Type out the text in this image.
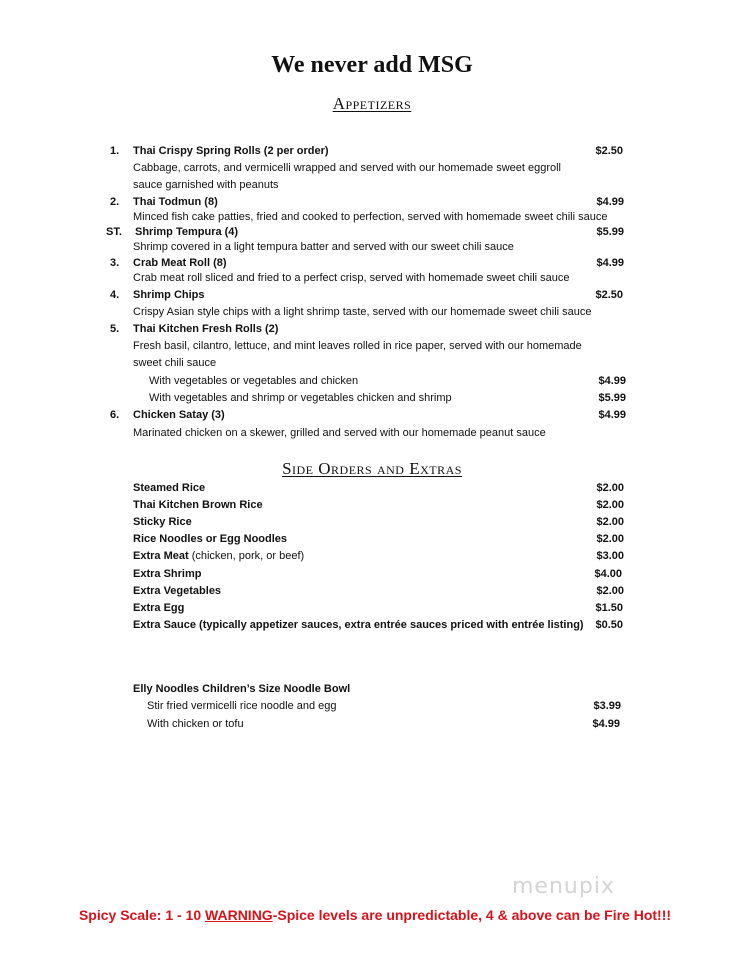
We never add MSG
Appetizers
1. Thai Crispy Spring Rolls (2 per order)	$2.50
Cabbage, carrots, and vermicelli wrapped and served with our homemade sweet eggroll
sauce garnished with peanuts
2. Thai Todmun (8)	$4.99
Minced fish cake patties, fried and cooked to perfection, served with homemade sweet chili sauce
ST. Shrimp Tempura (4)	$5.99
Shrimp covered in a light tempura batter and served with our sweet chili sauce
3. Crab Meat Roll (8)	$4.99
Crab meat roll sliced and fried to a perfect crisp, served with homemade sweet chili sauce
4. Shrimp Chips	$2.50
Crispy Asian style chips with a light shrimp taste, served with our homemade sweet chili sauce
5. Thai Kitchen Fresh Rolls (2)
Fresh basil, cilantro, lettuce, and mint leaves rolled in rice paper, served with our homemade
sweet chili sauce
With vegetables or vegetables and chicken	$4.99
With vegetables and shrimp or vegetables chicken and shrimp	$5.99
6. Chicken Satay (3)	$4.99
Marinated chicken on a skewer, grilled and served with our homemade peanut sauce
Side Orders and Extras
Steamed Rice	$2.00
Thai Kitchen Brown Rice	$2.00
Sticky Rice	$2.00
Rice Noodles or Egg Noodles	$2.00
Extra Meat (chicken, pork, or beef)	$3.00
Extra Shrimp	$4.00
Extra Vegetables	$2.00
Extra Egg	$1.50
Extra Sauce (typically appetizer sauces, extra entrée sauces priced with entrée listing)	$0.50
Elly Noodles Children’s Size Noodle Bowl
Stir fried vermicelli rice noodle and egg	$3.99
With chicken or tofu	$4.99
menupix
Spicy Scale: 1 - 10 WARNING-Spice levels are unpredictable, 4 & above can be Fire Hot!!!
